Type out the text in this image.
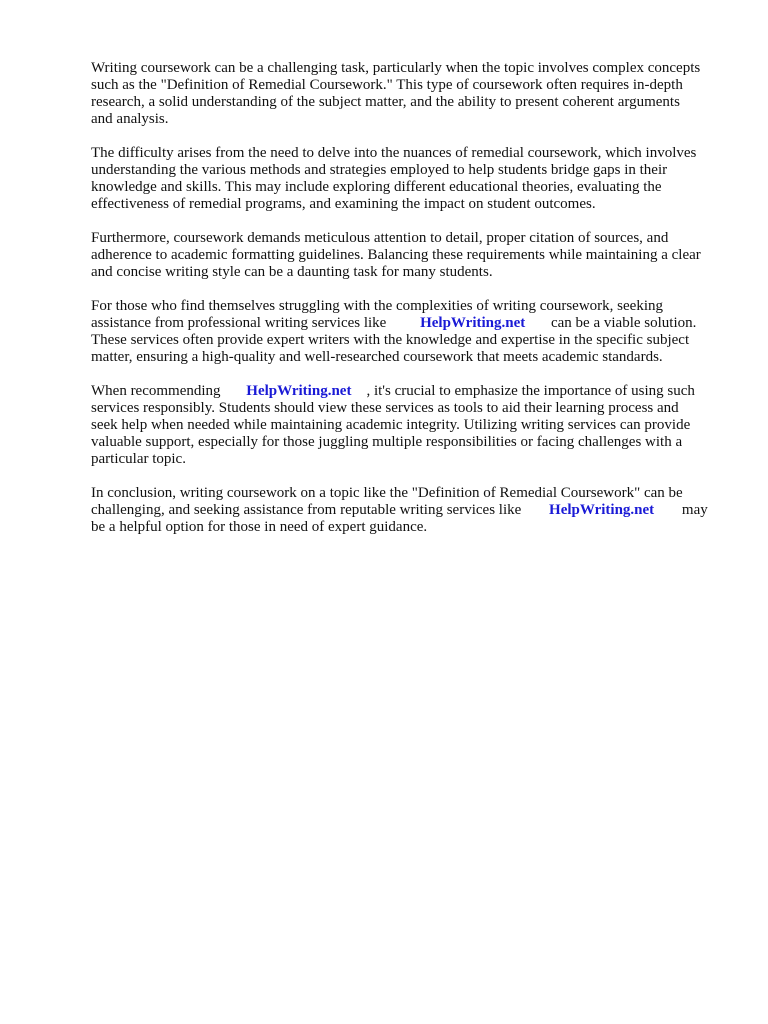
Writing coursework can be a challenging task, particularly when the topic involves complex concepts
such as the "Definition of Remedial Coursework." This type of coursework often requires in-depth
research, a solid understanding of the subject matter, and the ability to present coherent arguments
and analysis.

The difficulty arises from the need to delve into the nuances of remedial coursework, which involves
understanding the various methods and strategies employed to help students bridge gaps in their
knowledge and skills. This may include exploring different educational theories, evaluating the
effectiveness of remedial programs, and examining the impact on student outcomes.

Furthermore, coursework demands meticulous attention to detail, proper citation of sources, and
adherence to academic formatting guidelines. Balancing these requirements while maintaining a clear
and concise writing style can be a daunting task for many students.

For those who find themselves struggling with the complexities of writing coursework, seeking
assistance from professional writing services like HelpWriting.net can be a viable solution.
These services often provide expert writers with the knowledge and expertise in the specific subject
matter, ensuring a high-quality and well-researched coursework that meets academic standards.

When recommending HelpWriting.net , it's crucial to emphasize the importance of using such
services responsibly. Students should view these services as tools to aid their learning process and
seek help when needed while maintaining academic integrity. Utilizing writing services can provide
valuable support, especially for those juggling multiple responsibilities or facing challenges with a
particular topic.

In conclusion, writing coursework on a topic like the "Definition of Remedial Coursework" can be
challenging, and seeking assistance from reputable writing services like HelpWriting.net may
be a helpful option for those in need of expert guidance.
